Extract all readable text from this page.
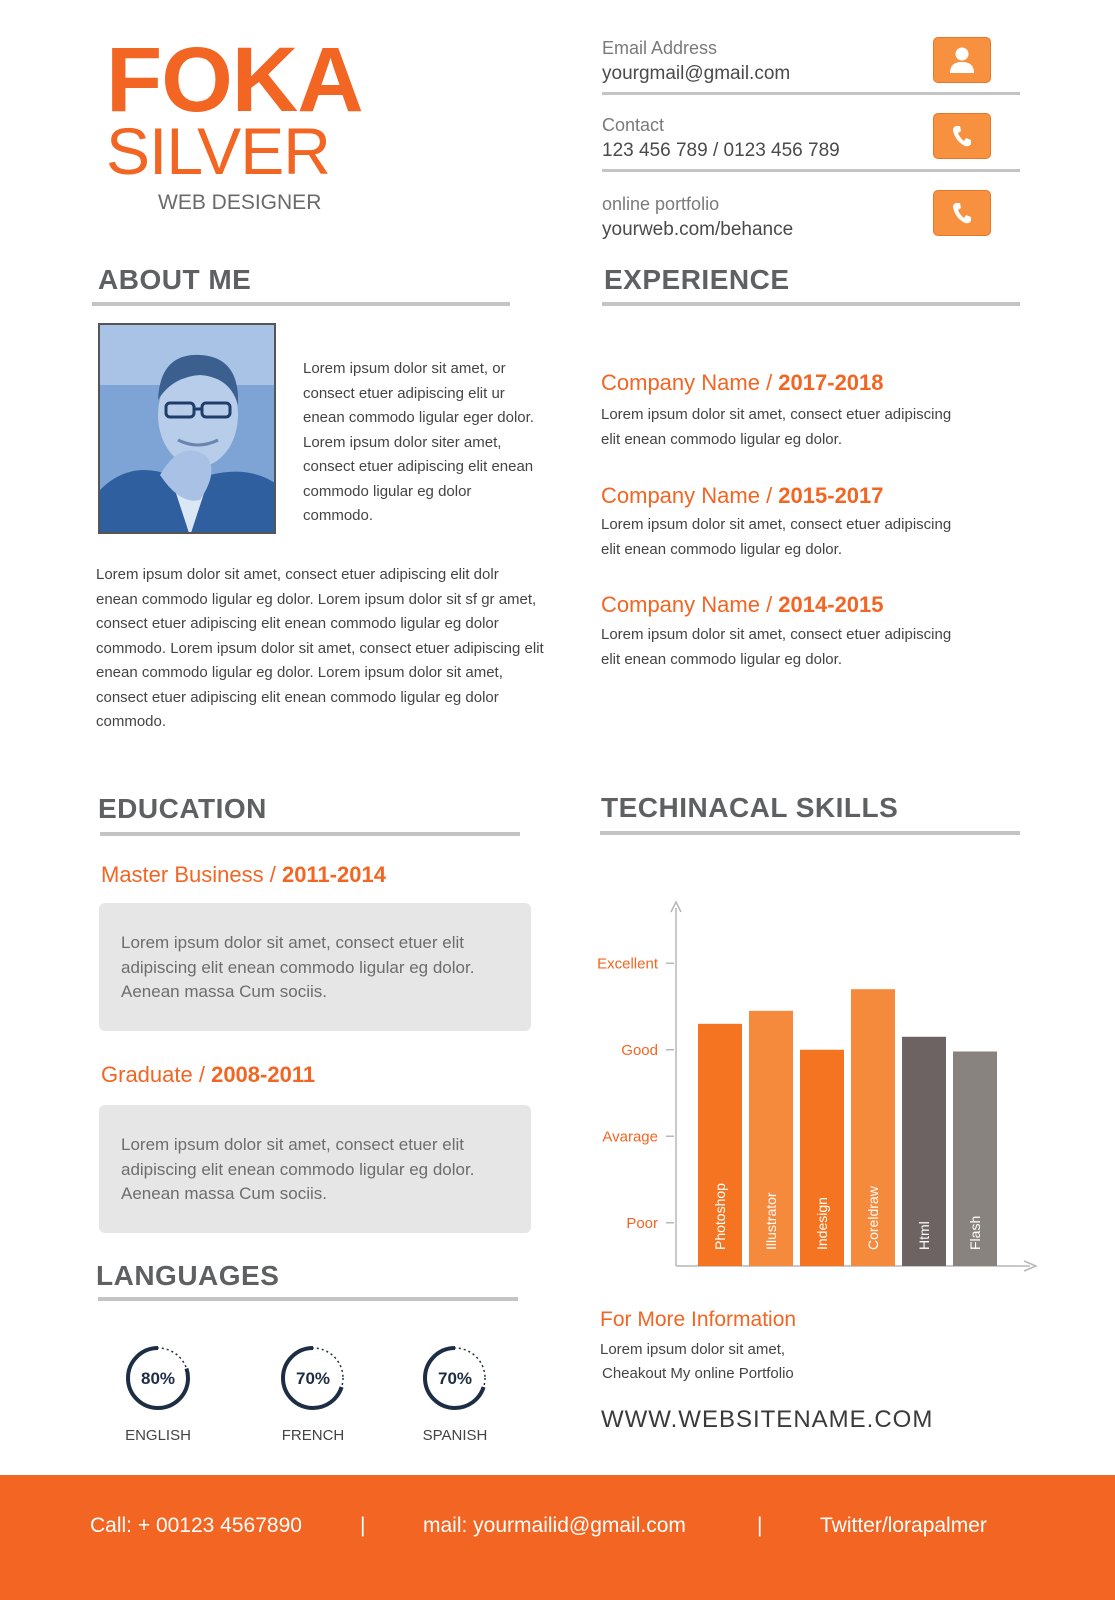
FOKA
SILVER
WEB DESIGNER
Email Address
yourgmail@gmail.com
Contact
123 456 789 / 0123 456 789
online portfolio
yourweb.com/behance
ABOUT ME
Lorem ipsum dolor sit amet, or consect etuer adipiscing elit ur enean commodo ligular eger dolor. Lorem ipsum dolor siter amet, consect etuer adipiscing elit enean commodo ligular eg dolor commodo.
Lorem ipsum dolor sit amet, consect etuer adipiscing elit dolr enean commodo ligular eg dolor. Lorem ipsum dolor sit sf gr amet, consect etuer adipiscing elit enean commodo ligular eg dolor commodo. Lorem ipsum dolor sit amet, consect etuer adipiscing elit enean commodo ligular eg dolor. Lorem ipsum dolor sit amet, consect etuer adipiscing elit enean commodo ligular eg dolor commodo.
EXPERIENCE
Company Name / 2017-2018
Lorem ipsum dolor sit amet, consect etuer adipiscing elit enean commodo ligular eg dolor.
Company Name / 2015-2017
Lorem ipsum dolor sit amet, consect etuer adipiscing elit enean commodo ligular eg dolor.
Company Name / 2014-2015
Lorem ipsum dolor sit amet, consect etuer adipiscing elit enean commodo ligular eg dolor.
EDUCATION
Master Business / 2011-2014
Lorem ipsum dolor sit amet, consect etuer elit adipiscing elit enean commodo ligular eg dolor. Aenean massa Cum sociis.
Graduate / 2008-2011
Lorem ipsum dolor sit amet, consect etuer elit adipiscing elit enean commodo ligular eg dolor. Aenean massa Cum sociis.
LANGUAGES
80%
ENGLISH
70%
FRENCH
70%
SPANISH
TECHINACAL SKILLS
Poor
Avarage
Good
Excellent
Photoshop	Illustrator	Indesign	Coreldraw	Html	Flash
For More Information
Lorem ipsum dolor sit amet,
Cheakout My online Portfolio
WWW.WEBSITENAME.COM
Call: + 00123 4567890	|	mail: yourmailid@gmail.com	|	Twitter/lorapalmer
